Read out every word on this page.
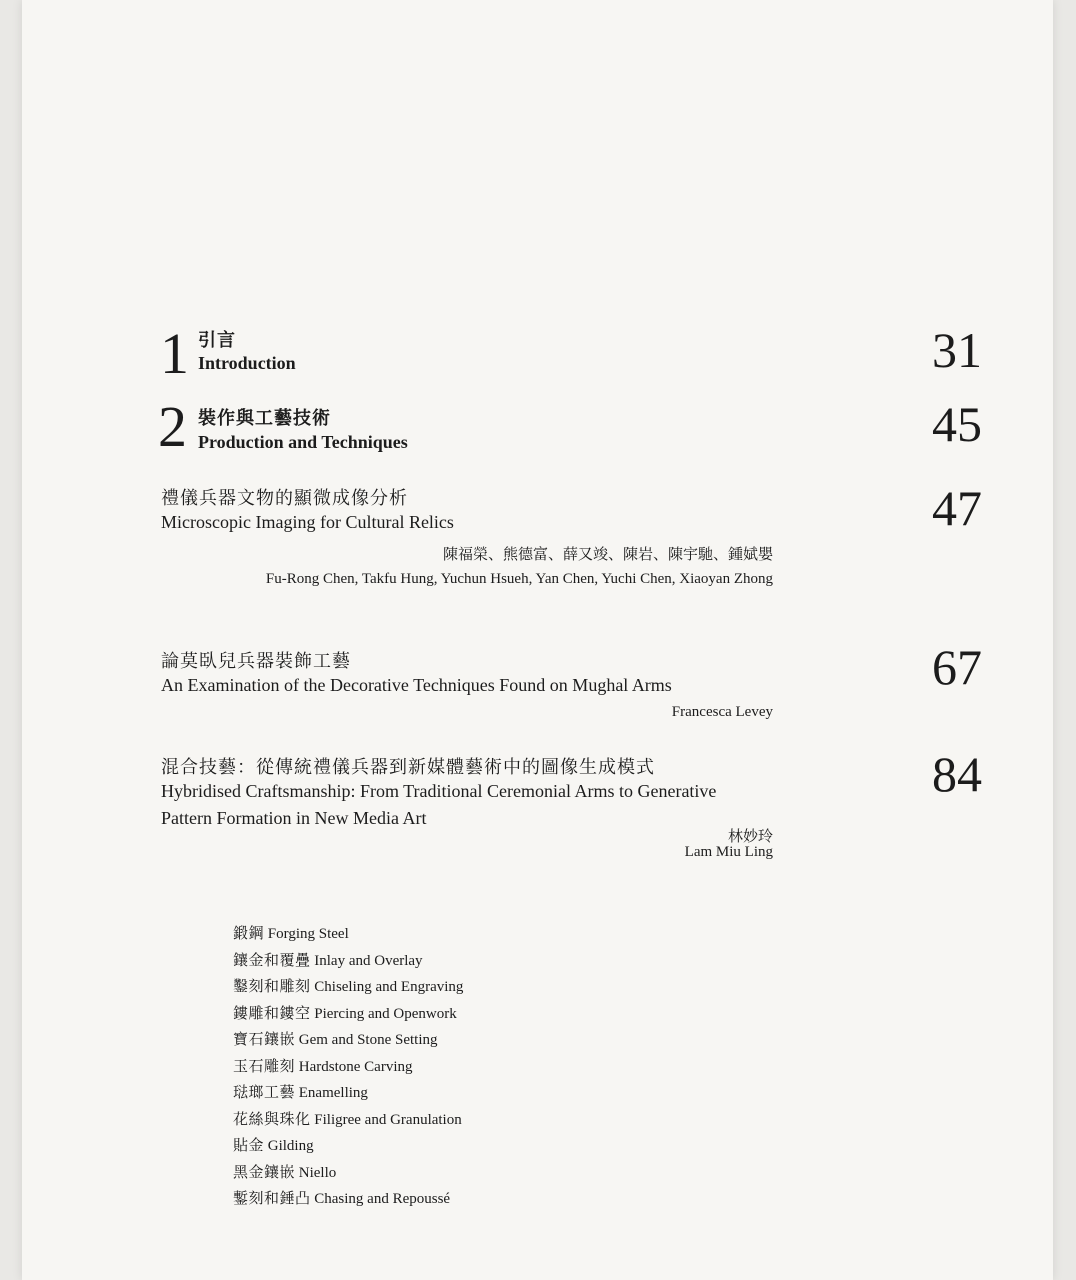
1 引言
Introduction	31
2 裝作與工藝技術
Production and Techniques	45
禮儀兵器文物的顯微成像分析
Microscopic Imaging for Cultural Relics
陳福榮、熊德富、薛又竣、陳岩、陳宇馳、鍾娬嬰
Fu-Rong Chen, Takfu Hung, Yuchun Hsueh, Yan Chen, Yuchi Chen, Xiaoyan Zhong
47
論莫臥兒兵器裝飾工藝
An Examination of the Decorative Techniques Found on Mughal Arms
Francesca Levey
67
混合技藝：從傳統禮儀兵器到新媒體藝術中的圖像生成模式
Hybridised Craftsmanship: From Traditional Ceremonial Arms to Generative
Pattern Formation in New Media Art
林妙玲
Lam Miu Ling
84
鍛鋼 Forging Steel
鑲金和覆疊 Inlay and Overlay
鑿刻和雕刻 Chiseling and Engraving
鏤雕和鏤空 Piercing and Openwork
寶石鑲嵌 Gem and Stone Setting
玉石雕刻 Hardstone Carving
琺瑯工藝 Enamelling
花絲與珠化 Filigree and Granulation
貼金 Gilding
黑金鑲嵌 Niello
鏨刻和錘凸 Chasing and Repoussé
